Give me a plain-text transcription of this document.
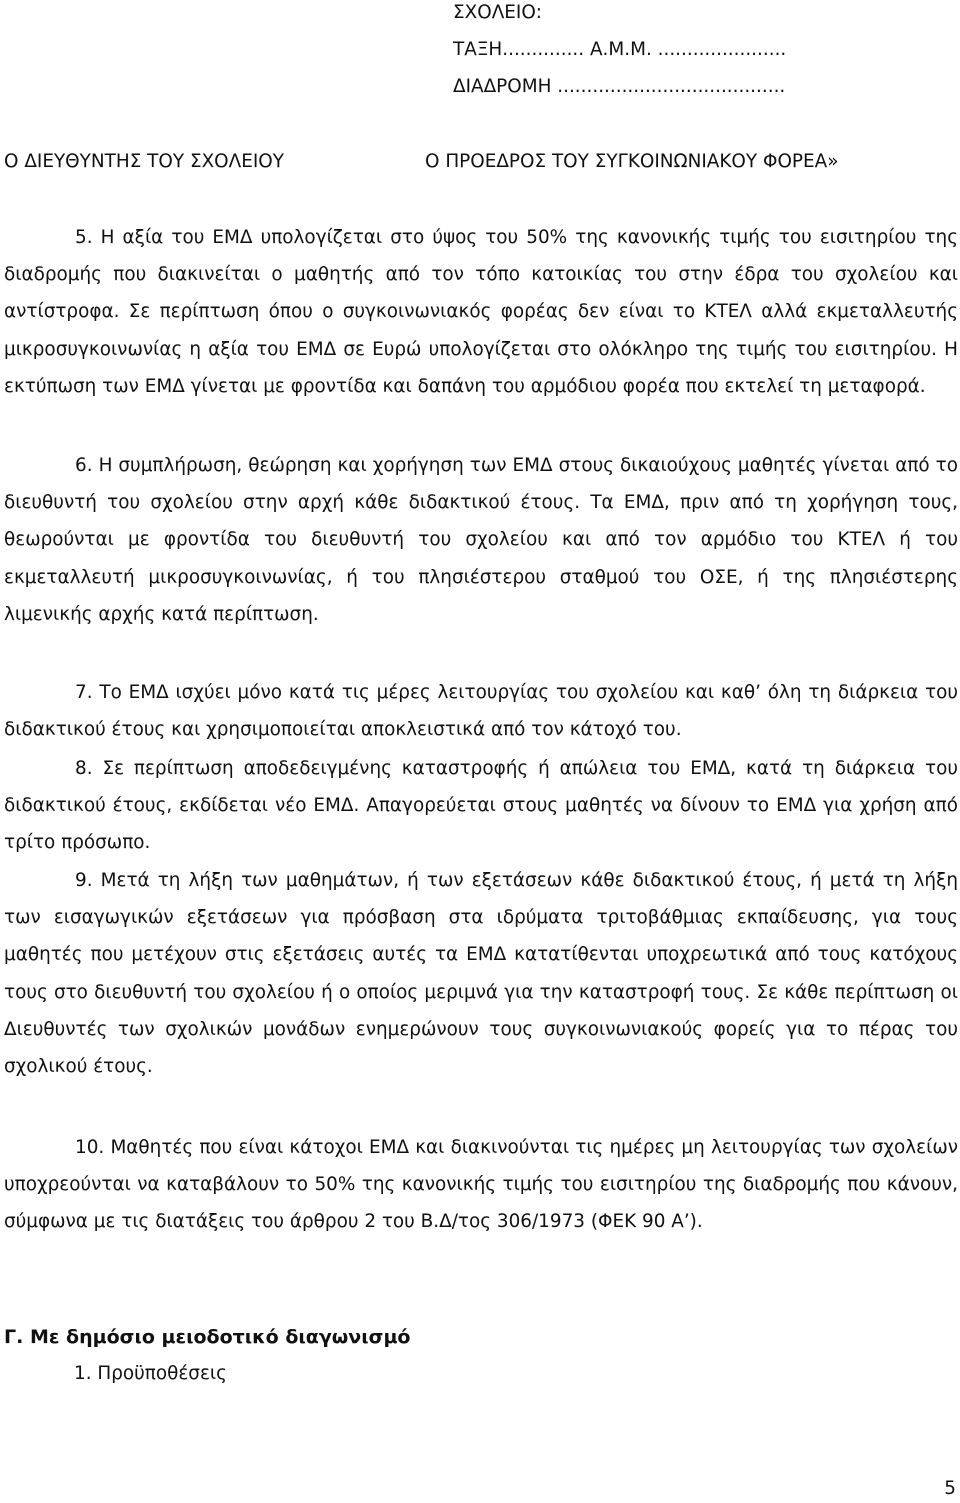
ΣΧΟΛΕΙΟ:
ΤΑΞΗ.............. Α.Μ.Μ. ......................
ΔΙΑΔΡΟΜΗ .......................................
Ο ΔΙΕΥΘΥΝΤΗΣ ΤΟΥ ΣΧΟΛΕΙΟΥ	Ο ΠΡΟΕΔΡΟΣ ΤΟΥ ΣΥΓΚΟΙΝΩΝΙΑΚΟΥ ΦΟΡΕΑ»
5. Η αξία του ΕΜΔ υπολογίζεται στο ύψος του 50% της κανονικής τιμής του εισιτηρίου της διαδρομής που διακινείται ο μαθητής από τον τόπο κατοικίας του στην έδρα του σχολείου και αντίστροφα. Σε περίπτωση όπου ο συγκοινωνιακός φορέας δεν είναι το ΚΤΕΛ αλλά εκμεταλλευτής μικροσυγκοινωνίας η αξία του ΕΜΔ σε Ευρώ υπολογίζεται στο ολόκληρο της τιμής του εισιτηρίου. Η εκτύπωση των ΕΜΔ γίνεται με φροντίδα και δαπάνη του αρμόδιου φορέα που εκτελεί τη μεταφορά.
6. Η συμπλήρωση, θεώρηση και χορήγηση των ΕΜΔ στους δικαιούχους μαθητές γίνεται από το διευθυντή του σχολείου στην αρχή κάθε διδακτικού έτους. Τα ΕΜΔ, πριν από τη χορήγηση τους, θεωρούνται με φροντίδα του διευθυντή του σχολείου και από τον αρμόδιο του ΚΤΕΛ ή του εκμεταλλευτή μικροσυγκοινωνίας, ή του πλησιέστερου σταθμού του ΟΣΕ, ή της πλησιέστερης λιμενικής αρχής κατά περίπτωση.
7. Το ΕΜΔ ισχύει μόνο κατά τις μέρες λειτουργίας του σχολείου και καθ’ όλη τη διάρκεια του διδακτικού έτους και χρησιμοποιείται αποκλειστικά από τον κάτοχό του.
8. Σε περίπτωση αποδεδειγμένης καταστροφής ή απώλεια του ΕΜΔ, κατά τη διάρκεια του διδακτικού έτους, εκδίδεται νέο ΕΜΔ. Απαγορεύεται στους μαθητές να δίνουν το ΕΜΔ για χρήση από τρίτο πρόσωπο.
9. Μετά τη λήξη των μαθημάτων, ή των εξετάσεων κάθε διδακτικού έτους, ή μετά τη λήξη των εισαγωγικών εξετάσεων για πρόσβαση στα ιδρύματα τριτοβάθμιας εκπαίδευσης, για τους μαθητές που μετέχουν στις εξετάσεις αυτές τα ΕΜΔ κατατίθενται υποχρεωτικά από τους κατόχους τους στο διευθυντή του σχολείου ή ο οποίος μεριμνά για την καταστροφή τους. Σε κάθε περίπτωση οι Διευθυντές των σχολικών μονάδων ενημερώνουν τους συγκοινωνιακούς φορείς για το πέρας του σχολικού έτους.
10. Μαθητές που είναι κάτοχοι ΕΜΔ και διακινούνται τις ημέρες μη λειτουργίας των σχολείων υποχρεούνται να καταβάλουν το 50% της κανονικής τιμής του εισιτηρίου της διαδρομής που κάνουν, σύμφωνα με τις διατάξεις του άρθρου 2 του Β.Δ/τος 306/1973 (ΦΕΚ 90 Α’).
Γ. Με δημόσιο μειοδοτικό διαγωνισμό
1. Προϋποθέσεις
5
